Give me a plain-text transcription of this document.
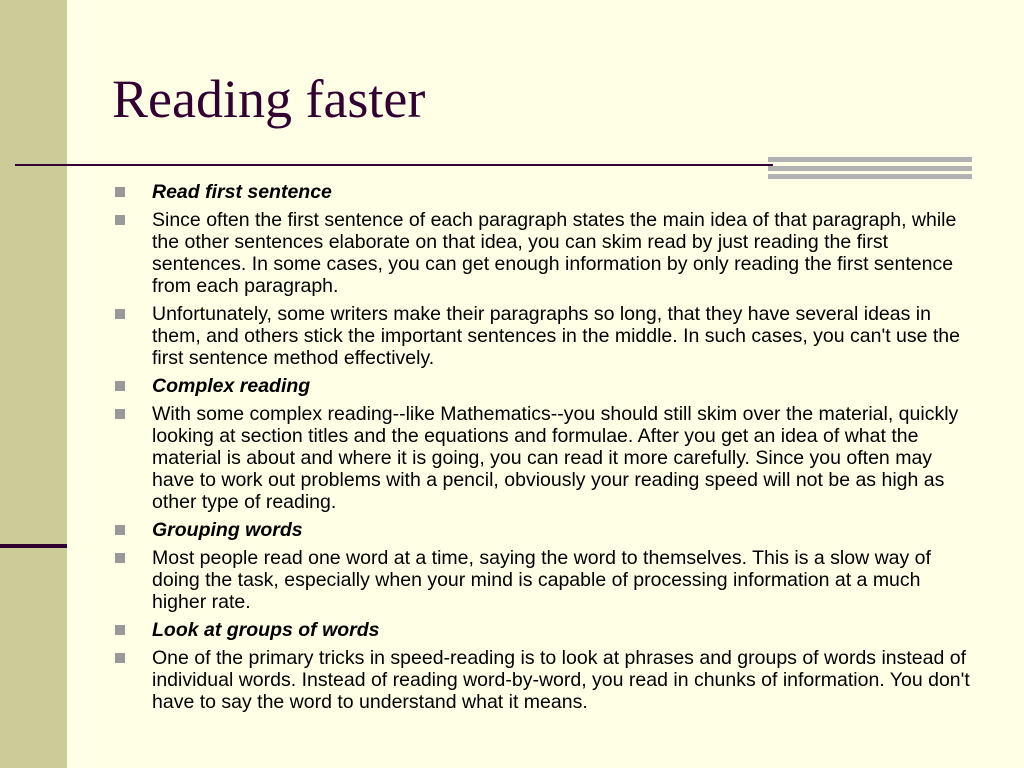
Reading faster
Read first sentence
Since often the first sentence of each paragraph states the main idea of that paragraph, while the other sentences elaborate on that idea, you can skim read by just reading the first sentences. In some cases, you can get enough information by only reading the first sentence from each paragraph.
Unfortunately, some writers make their paragraphs so long, that they have several ideas in them, and others stick the important sentences in the middle. In such cases, you can't use the first sentence method effectively.
Complex reading
With some complex reading--like Mathematics--you should still skim over the material, quickly looking at section titles and the equations and formulae. After you get an idea of what the material is about and where it is going, you can read it more carefully. Since you often may have to work out problems with a pencil, obviously your reading speed will not be as high as other type of reading.
Grouping words
Most people read one word at a time, saying the word to themselves. This is a slow way of doing the task, especially when your mind is capable of processing information at a much higher rate.
Look at groups of words
One of the primary tricks in speed-reading is to look at phrases and groups of words instead of individual words. Instead of reading word-by-word, you read in chunks of information. You don't have to say the word to understand what it means.
